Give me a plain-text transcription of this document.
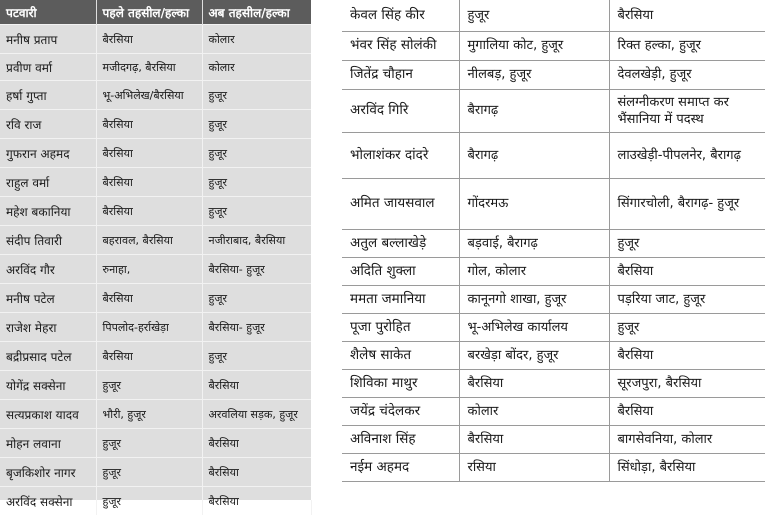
पटवारी	पहले तहसील/हल्का	अब तहसील/हल्का
मनीष प्रताप	बैरसिया	कोलार
प्रवीण वर्मा	मजीदगढ़, बैरसिया	कोलार
हर्षा गुप्ता	भू-अभिलेख/बैरसिया	हुजूर
रवि राज	बैरसिया	हुजूर
गुफरान अहमद	बैरसिया	हुजूर
राहुल वर्मा	बैरसिया	हुजूर
महेश बकानिया	बैरसिया	हुजूर
संदीप तिवारी	बहरावल, बैरसिया	नजीराबाद, बैरसिया
अरविंद गौर	रुनाहा,	बैरसिया- हुजूर
मनीष पटेल	बैरसिया	हुजूर
राजेश मेहरा	पिपलोद-हर्राखेड़ा	बैरसिया- हुजूर
बद्रीप्रसाद पटेल	बैरसिया	हुजूर
योगेंद्र सक्सेना	हुजूर	बैरसिया
सत्यप्रकाश यादव	भौरी, हुजूर	अरवलिया सड़क, हुजूर
मोहन लवाना	हुजूर	बैरसिया
बृजकिशोर नागर	हुजूर	बैरसिया
अरविंद सक्सेना	हुजूर	बैरसिया
केवल सिंह कीर	हुजूर	बैरसिया
भंवर सिंह सोलंकी	मुगालिया कोट, हुजूर	रिक्त हल्का, हुजूर
जितेंद्र चौहान	नीलबड़, हुजूर	देवलखेड़ी, हुजूर
अरविंद गिरि	बैरागढ़	संलग्नीकरण समाप्त कर भैंसानिया में पदस्थ
भोलाशंकर दांदरे	बैरागढ़	लाउखेड़ी-पीपलनेर, बैरागढ़
अमित जायसवाल	गोंदरमऊ	सिंगारचोली, बैरागढ़- हुजूर
अतुल बल्लाखेड़े	बड़वाई, बैरागढ़	हुजूर
अदिति शुक्ला	गोल, कोलार	बैरसिया
ममता जमानिया	कानूनगो शाखा, हुजूर	पड़रिया जाट, हुजूर
पूजा पुरोहित	भू-अभिलेख कार्यालय	हुजूर
शैलेष साकेत	बरखेड़ा बोंदर, हुजूर	बैरसिया
शिविका माथुर	बैरसिया	सूरजपुरा, बैरसिया
जयेंद्र चंदेलकर	कोलार	बैरसिया
अविनाश सिंह	बैरसिया	बागसेवनिया, कोलार
नईम अहमद	रसिया	सिंधोड़ा, बैरसिया
